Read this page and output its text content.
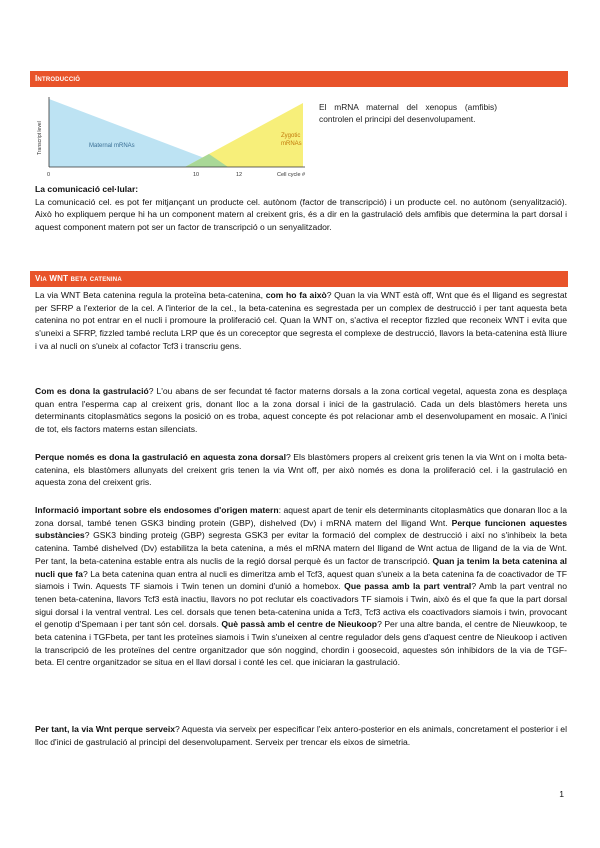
Introducció
Transcript level	Maternal mRNAs
Zygotic
mRNAs
0	10	12	Cell cycle #
El mRNA maternal del xenopus (amfibis) controlen el principi del desenvolupament.
La comunicació cel·lular:
La comunicació cel. es pot fer mitjançant un producte cel. autònom (factor de transcripció) i un producte cel. no autònom (senyalització). Això ho expliquem perque hi ha un component matern al creixent gris, és a dir en la gastrulació dels amfibis que determina la part dorsal i aquest component matern pot ser un factor de transcripció o un senyalitzador.
Via WNT beta catenina
La via WNT Beta catenina regula la proteïna beta-catenina, com ho fa això? Quan la via WNT està off, Wnt que és el lligand es segrestat per SFRP a l'exterior de la cel. A l'interior de la cel., la beta-catenina es segrestada per un complex de destrucció i per tant aquesta beta catenina no pot entrar en el nucli i promoure la proliferació cel. Quan la WNT on, s'activa el receptor fizzled que reconeix WNT i evita que s'uneixi a SFRP, fizzled també recluta LRP que és un coreceptor que segresta el complexe de destrucció, llavors la beta-catenina està lliure i va al nucli on s'uneix al cofactor Tcf3 i transcriu gens.
Com es dona la gastrulació? L'ou abans de ser fecundat té factor materns dorsals a la zona cortical vegetal, aquesta zona es desplaça quan entra l'esperma cap al creixent gris, donant lloc a la zona dorsal i inici de la gastrulació. Cada un dels blastòmers hereta uns determinants citoplasmàtics segons la posició on es troba, aquest concepte és pot relacionar amb el desenvolupament en mosaic. A l'inici de tot, els factors materns estan silenciats.
Perque només es dona la gastrulació en aquesta zona dorsal? Els blastòmers propers al creixent gris tenen la via Wnt on i molta beta-catenina, els blastòmers allunyats del creixent gris tenen la via Wnt off, per això només es dona la proliferació cel. i la gastrulació en aquesta zona del creixent gris.
Informació important sobre els endosomes d'origen matern: aquest apart de tenir els determinants citoplasmàtics que donaran lloc a la zona dorsal, també tenen GSK3 binding protein (GBP), dishelved (Dv) i mRNA matern del lligand Wnt. Perque funcionen aquestes substàncies? GSK3 binding proteig (GBP) segresta GSK3 per evitar la formació del complex de destrucció i així no s'inhibeix la beta catenina. També dishelved (Dv) estabilitza la beta catenina, a més el mRNA matern del lligand de Wnt actua de lligand de la via de Wnt. Per tant, la beta-catenina estable entra als nuclis de la regió dorsal perquè és un factor de transcripció. Quan ja tenim la beta catenina al nucli que fa? La beta catenina quan entra al nucli es dimeritza amb el Tcf3, aquest quan s'uneix a la beta catenina fa de coactivador de TF siamois i Twin. Aquests TF siamois i Twin tenen un domini d'unió a homebox. Que passa amb la part ventral? Amb la part ventral no tenen beta-catenina, llavors Tcf3 està inactiu, llavors no pot reclutar els coactivadors TF siamois i Twin, això és el que fa que la part dorsal sigui dorsal i la ventral ventral. Les cel. dorsals que tenen beta-catenina unida a Tcf3, Tcf3 activa els coactivadors siamois i twin, provocant el genotip d'Spemaan i per tant són cel. dorsals. Què passà amb el centre de Nieukoop? Per una altre banda, el centre de Nieuwkoop, te beta catenina i TGFbeta, per tant les proteïnes siamois i Twin s'uneixen al centre regulador dels gens d'aquest centre de Nieukoop i activen la transcripció de les proteïnes del centre organitzador que són noggind, chordin i goosecoid, aquestes són inhibidors de la via de TGF-beta. El centre organitzador se situa en el llavi dorsal i conté les cel. que iniciaran la gastrulació.
Per tant, la via Wnt perque serveix? Aquesta via serveix per especificar l'eix antero-posterior en els animals, concretament el posterior i el lloc d'inici de gastrulació al principi del desenvolupament. Serveix per trencar els eixos de simetria.
1
